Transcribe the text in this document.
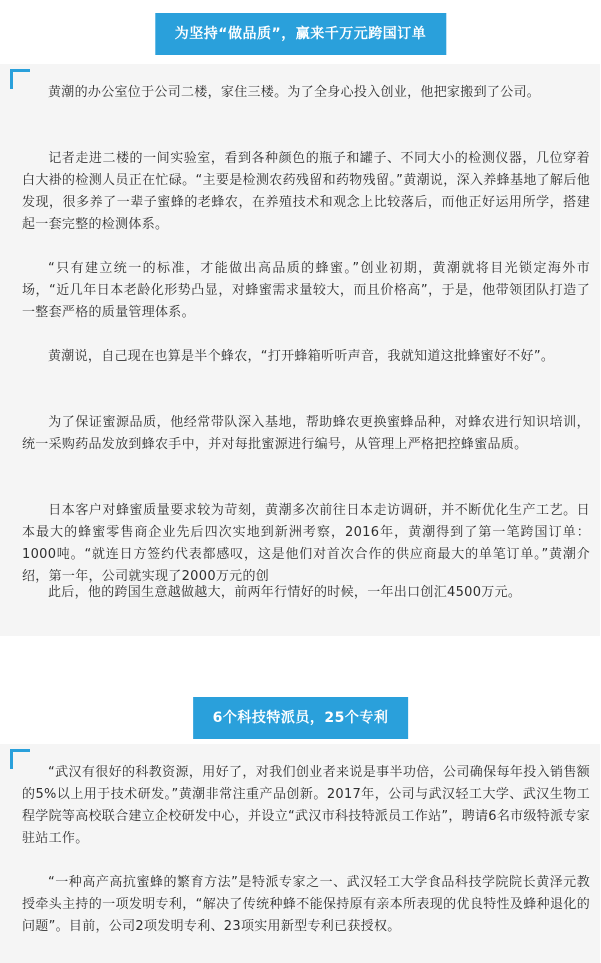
为坚持“做品质”，赢来千万元跨国订单

黄潮的办公室位于公司二楼，家住三楼。为了全身心投入创业，他把家搬到了公司。

记者走进二楼的一间实验室，看到各种颜色的瓶子和罐子、不同大小的检测仪器，几位穿着白大褂的检测人员正在忙碌。“主要是检测农药残留和药物残留。”黄潮说，深入养蜂基地了解后他发现，很多养了一辈子蜜蜂的老蜂农，在养殖技术和观念上比较落后，而他正好运用所学，搭建起一套完整的检测体系。

“只有建立统一的标准，才能做出高品质的蜂蜜。”创业初期，黄潮就将目光锁定海外市场，“近几年日本老龄化形势凸显，对蜂蜜需求量较大，而且价格高”，于是，他带领团队打造了一整套严格的质量管理体系。

黄潮说，自己现在也算是半个蜂农，“打开蜂箱听听声音，我就知道这批蜂蜜好不好”。

为了保证蜜源品质，他经常带队深入基地，帮助蜂农更换蜜蜂品种，对蜂农进行知识培训，统一采购药品发放到蜂农手中，并对每批蜜源进行编号，从管理上严格把控蜂蜜品质。

日本客户对蜂蜜质量要求较为苛刻，黄潮多次前往日本走访调研，并不断优化生产工艺。日本最大的蜂蜜零售商企业先后四次实地到新洲考察，2016年，黄潮得到了第一笔跨国订单：1000吨。“就连日方签约代表都感叹，这是他们对首次合作的供应商最大的单笔订单。”黄潮介绍，第一年，公司就实现了2000万元的创

此后，他的跨国生意越做越大，前两年行情好的时候，一年出口创汇4500万元。

6个科技特派员，25个专利

“武汉有很好的科教资源，用好了，对我们创业者来说是事半功倍，公司确保每年投入销售额的5%以上用于技术研发。”黄潮非常注重产品创新。2017年，公司与武汉轻工大学、武汉生物工程学院等高校联合建立企校研发中心，并设立“武汉市科技特派员工作站”，聘请6名市级特派专家驻站工作。

“一种高产高抗蜜蜂的繁育方法”是特派专家之一、武汉轻工大学食品科技学院院长黄泽元教授牵头主持的一项发明专利，“解决了传统种蜂不能保持原有亲本所表现的优良特性及蜂种退化的问题”。目前，公司2项发明专利、23项实用新型专利已获授权。
